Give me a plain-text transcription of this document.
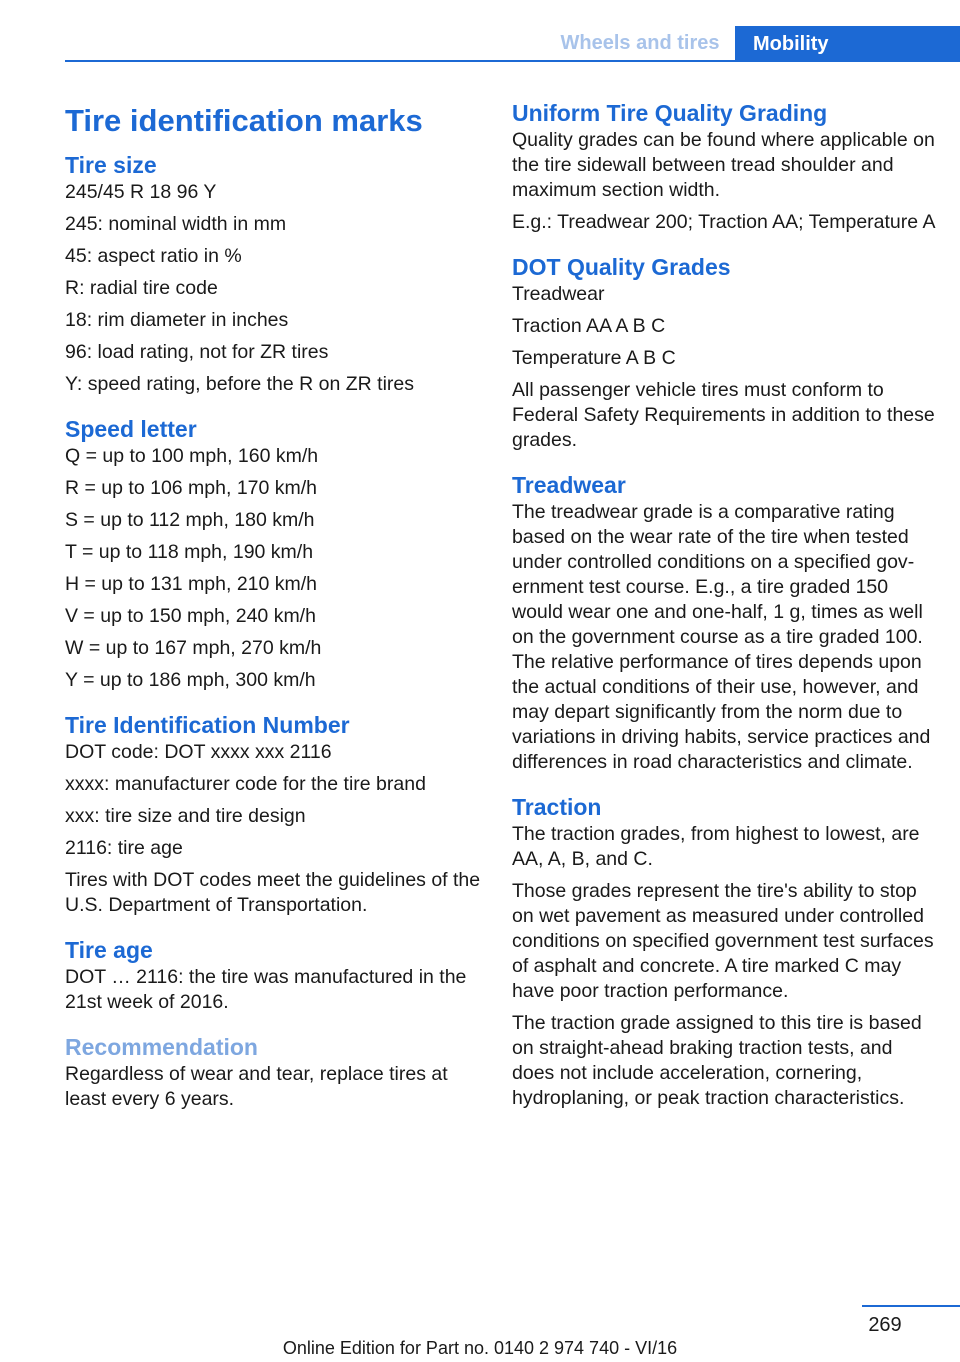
Wheels and tires	Mobility
Tire identification marks
Tire size

245/45 R 18 96 Y

245: nominal width in mm

45: aspect ratio in %

R: radial tire code

18: rim diameter in inches

96: load rating, not for ZR tires

Y: speed rating, before the R on ZR tires

Speed letter

Q = up to 100 mph, 160 km/h

R = up to 106 mph, 170 km/h

S = up to 112 mph, 180 km/h

T = up to 118 mph, 190 km/h

H = up to 131 mph, 210 km/h

V = up to 150 mph, 240 km/h

W = up to 167 mph, 270 km/h

Y = up to 186 mph, 300 km/h

Tire Identification Number

DOT code: DOT xxxx xxx 2116

xxxx: manufacturer code for the tire brand

xxx: tire size and tire design

2116: tire age

Tires with DOT codes meet the guidelines of the U.S. Department of Transportation.

Tire age

DOT … 2116: the tire was manufactured in the 21st week of 2016.

Recommendation

Regardless of wear and tear, replace tires at least every 6 years.

Uniform Tire Quality Grading

Quality grades can be found where applicable on the tire sidewall between tread shoulder and maximum section width.

E.g.: Treadwear 200; Traction AA; Temperature A

DOT Quality Grades

Treadwear

Traction AA A B C

Temperature A B C

All passenger vehicle tires must conform to Federal Safety Requirements in addition to these grades.

Treadwear

The treadwear grade is a comparative rating based on the wear rate of the tire when tested under controlled conditions on a specified government test course. E.g., a tire graded 150 would wear one and one-half, 1 g, times as well on the government course as a tire graded 100. The relative performance of tires depends upon the actual conditions of their use, however, and may depart significantly from the norm due to variations in driving habits, service practices and differences in road characteristics and climate.

Traction

The traction grades, from highest to lowest, are AA, A, B, and C.

Those grades represent the tire's ability to stop on wet pavement as measured under controlled conditions on specified government test surfaces of asphalt and concrete. A tire marked C may have poor traction performance.

The traction grade assigned to this tire is based on straight-ahead braking traction tests, and does not include acceleration, cornering, hydroplaning, or peak traction characteristics.

269
Online Edition for Part no. 0140 2 974 740 - VI/16
